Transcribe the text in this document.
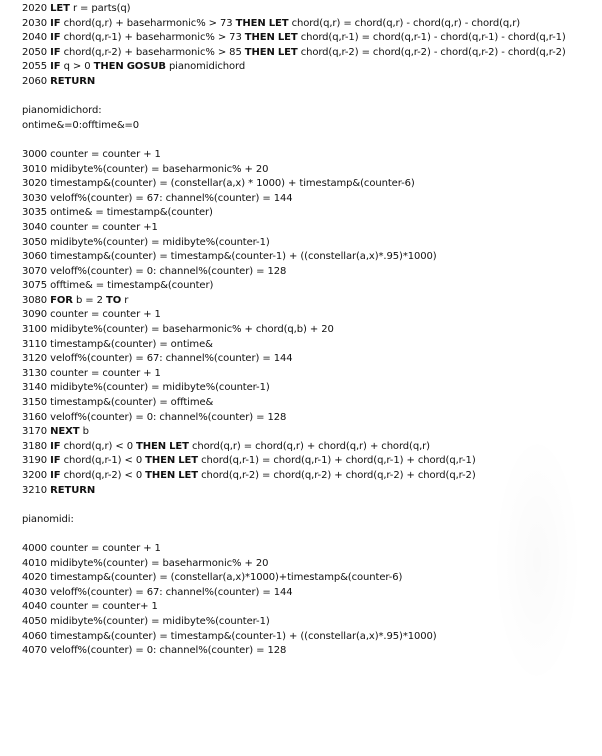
2020 LET r = parts(q)
2030 IF chord(q,r) + baseharmonic% > 73 THEN LET chord(q,r) = chord(q,r) - chord(q,r) - chord(q,r)
2040 IF chord(q,r-1) + baseharmonic% > 73 THEN LET chord(q,r-1) = chord(q,r-1) - chord(q,r-1) - chord(q,r-1)
2050 IF chord(q,r-2) + baseharmonic% > 85 THEN LET chord(q,r-2) = chord(q,r-2) - chord(q,r-2) - chord(q,r-2)
2055 IF q > 0 THEN GOSUB pianomidichord
2060 RETURN
pianomidichord:
ontime&=0:offtime&=0
3000 counter = counter + 1
3010 midibyte%(counter) = baseharmonic% + 20
3020 timestamp&(counter) = (constellar(a,x) * 1000) + timestamp&(counter-6)
3030 veloff%(counter) = 67: channel%(counter) = 144
3035 ontime& = timestamp&(counter)
3040 counter = counter +1
3050 midibyte%(counter) = midibyte%(counter-1)
3060 timestamp&(counter) = timestamp&(counter-1) + ((constellar(a,x)*.95)*1000)
3070 veloff%(counter) = 0: channel%(counter) = 128
3075 offtime& = timestamp&(counter)
3080 FOR b = 2 TO r
3090 counter = counter + 1
3100 midibyte%(counter) = baseharmonic% + chord(q,b) + 20
3110 timestamp&(counter) = ontime&
3120 veloff%(counter) = 67: channel%(counter) = 144
3130 counter = counter + 1
3140 midibyte%(counter) = midibyte%(counter-1)
3150 timestamp&(counter) = offtime&
3160 veloff%(counter) = 0: channel%(counter) = 128
3170 NEXT b
3180 IF chord(q,r) < 0 THEN LET chord(q,r) = chord(q,r) + chord(q,r) + chord(q,r)
3190 IF chord(q,r-1) < 0 THEN LET chord(q,r-1) = chord(q,r-1) + chord(q,r-1) + chord(q,r-1)
3200 IF chord(q,r-2) < 0 THEN LET chord(q,r-2) = chord(q,r-2) + chord(q,r-2) + chord(q,r-2)
3210 RETURN
pianomidi:
4000 counter = counter + 1
4010 midibyte%(counter) = baseharmonic% + 20
4020 timestamp&(counter) = (constellar(a,x)*1000)+timestamp&(counter-6)
4030 veloff%(counter) = 67: channel%(counter) = 144
4040 counter = counter+ 1
4050 midibyte%(counter) = midibyte%(counter-1)
4060 timestamp&(counter) = timestamp&(counter-1) + ((constellar(a,x)*.95)*1000)
4070 veloff%(counter) = 0: channel%(counter) = 128
